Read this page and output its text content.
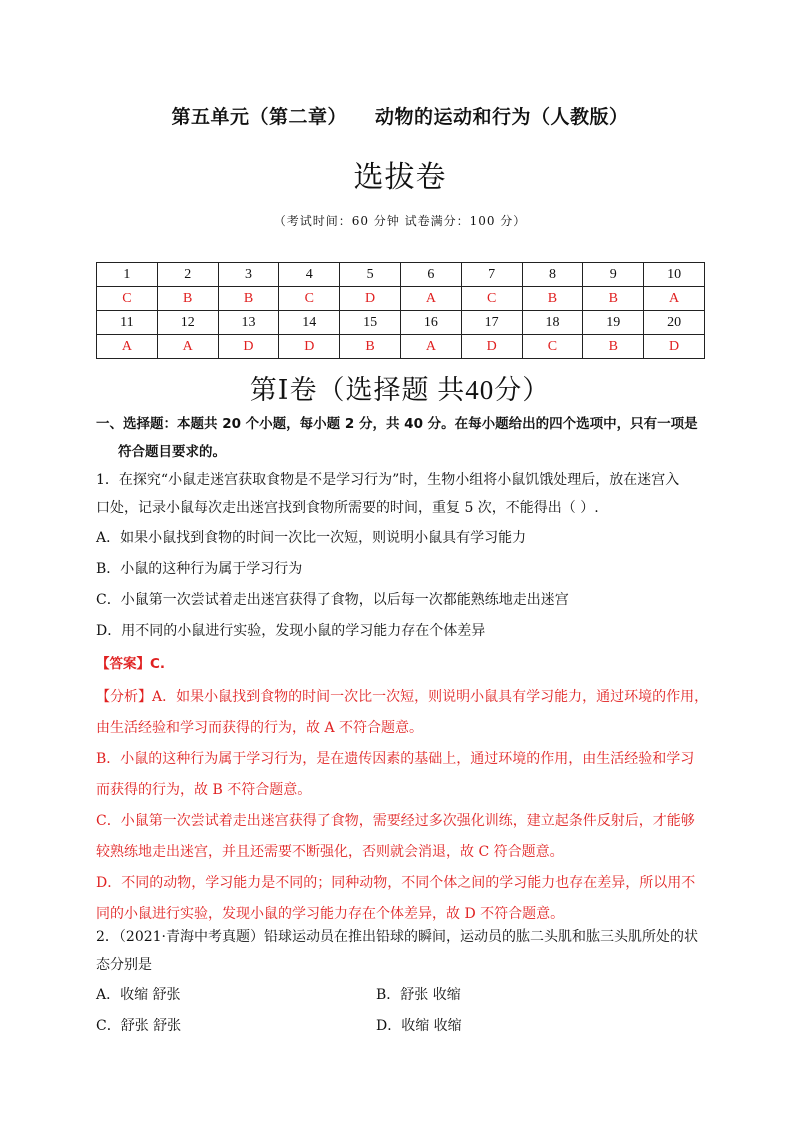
第五单元（第二章） 动物的运动和行为（人教版）
选拔卷
（考试时间：60 分钟 试卷满分：100 分）
1	2	3	4	5	6	7	8	9	10
C	B	B	C	D	A	C	B	B	A
11	12	13	14	15	16	17	18	19	20
A	A	D	D	B	A	D	C	B	D
第Ⅰ卷（选择题 共40分）
一、选择题：本题共 20 个小题，每小题 2 分，共 40 分。在每小题给出的四个选项中，只有一项是
符合题目要求的。
1．在探究“小鼠走迷宫获取食物是不是学习行为”时，生物小组将小鼠饥饿处理后，放在迷宫入
口处，记录小鼠每次走出迷宫找到食物所需要的时间，重复 5 次，不能得出（ ）.
A．如果小鼠找到食物的时间一次比一次短，则说明小鼠具有学习能力
B．小鼠的这种行为属于学习行为
C．小鼠第一次尝试着走出迷宫获得了食物，以后每一次都能熟练地走出迷宫
D．用不同的小鼠进行实验，发现小鼠的学习能力存在个体差异
【答案】C.
【分析】A．如果小鼠找到食物的时间一次比一次短，则说明小鼠具有学习能力，通过环境的作用，
由生活经验和学习而获得的行为，故 A 不符合题意。
B．小鼠的这种行为属于学习行为，是在遗传因素的基础上，通过环境的作用，由生活经验和学习
而获得的行为，故 B 不符合题意。
C．小鼠第一次尝试着走出迷宫获得了食物，需要经过多次强化训练，建立起条件反射后，才能够
较熟练地走出迷宫，并且还需要不断强化，否则就会消退，故 C 符合题意。
D．不同的动物，学习能力是不同的；同种动物，不同个体之间的学习能力也存在差异，所以用不
同的小鼠进行实验，发现小鼠的学习能力存在个体差异，故 D 不符合题意。
2．（2021·青海中考真题）铅球运动员在推出铅球的瞬间，运动员的肱二头肌和肱三头肌所处的状
态分别是
A．收缩 舒张	B．舒张 收缩
C．舒张 舒张	D．收缩 收缩
